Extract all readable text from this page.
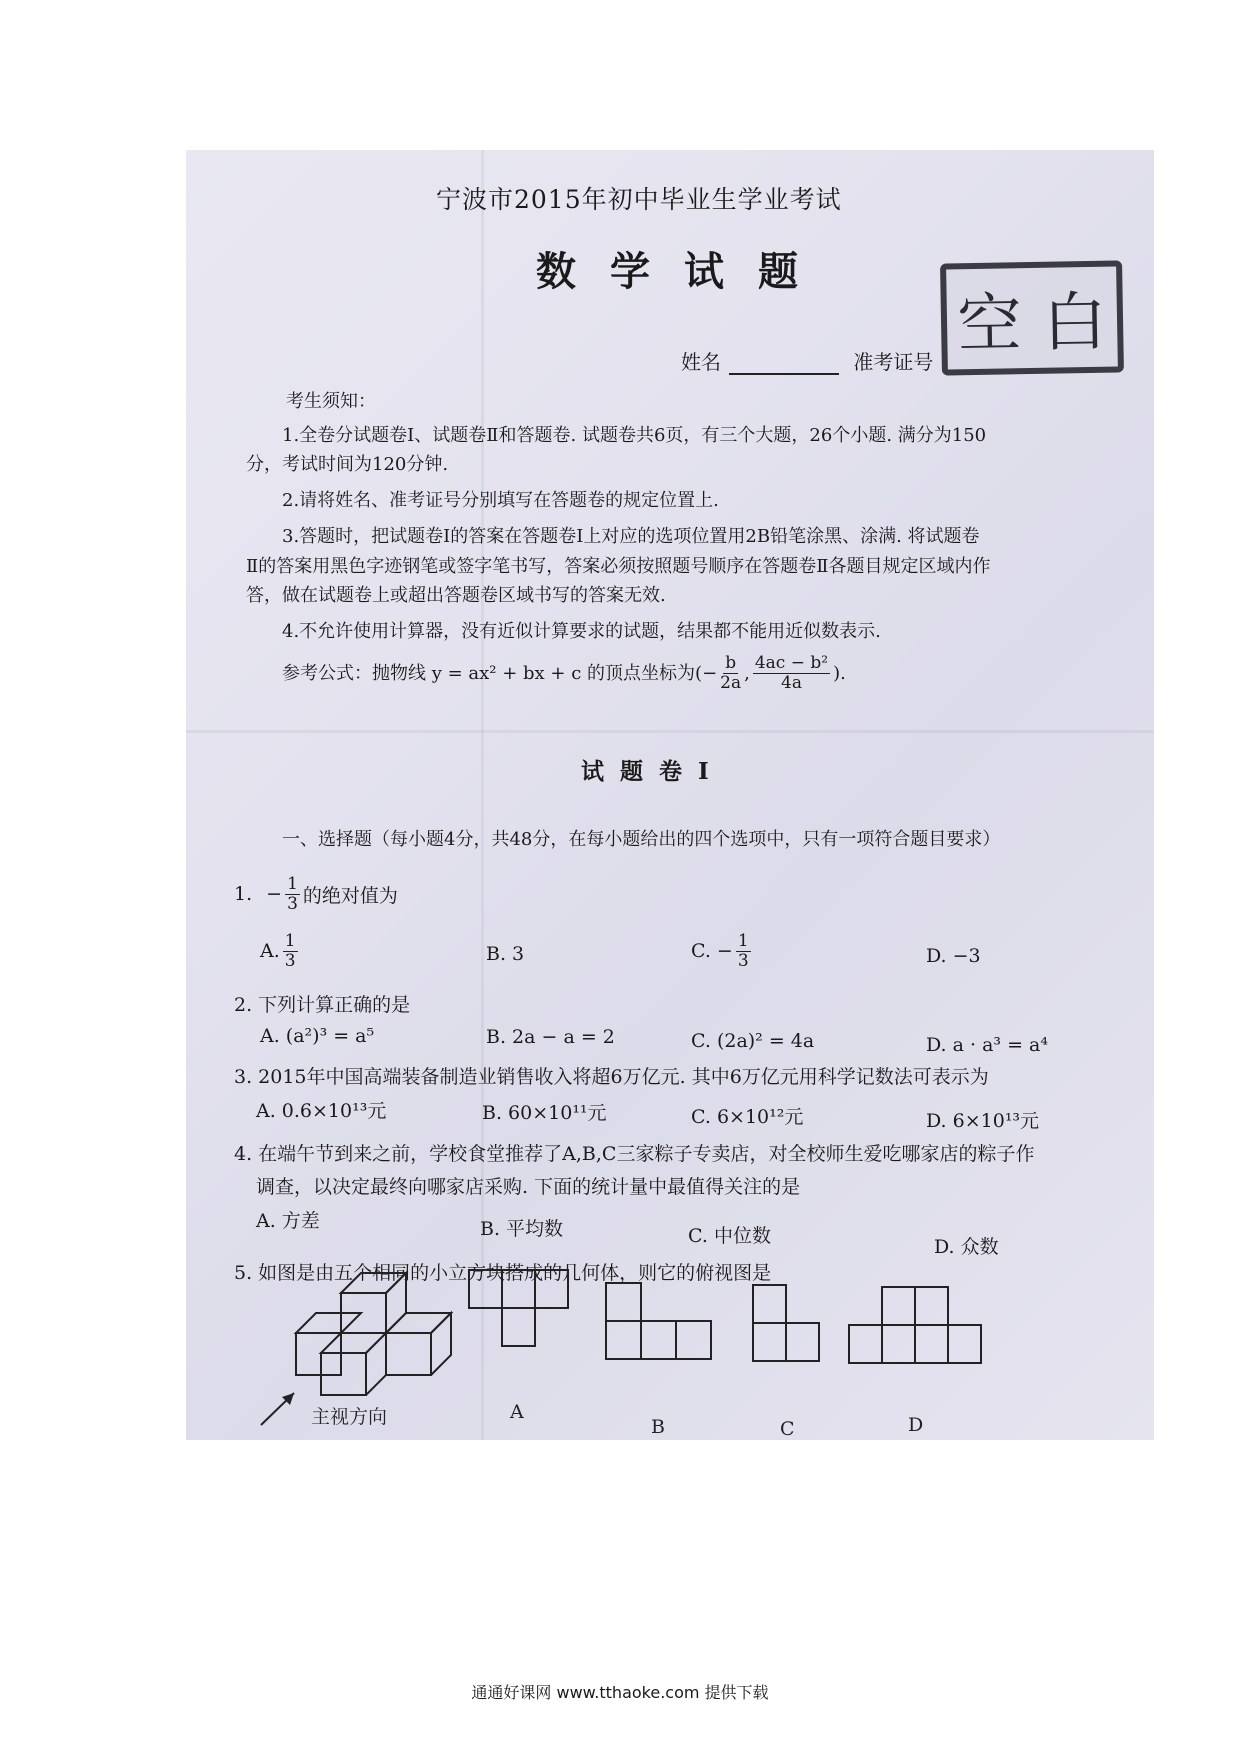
宁波市2015年初中毕业生学业考试
数学试题
姓名	准考证号 空 白
考生须知：
1.全卷分试题卷Ⅰ、试题卷Ⅱ和答题卷. 试题卷共6页，有三个大题，26个小题. 满分为150
分，考试时间为120分钟.
2.请将姓名、准考证号分别填写在答题卷的规定位置上.
3.答题时，把试题卷Ⅰ的答案在答题卷Ⅰ上对应的选项位置用2B铅笔涂黑、涂满. 将试题卷
Ⅱ的答案用黑色字迹钢笔或签字笔书写，答案必须按照题号顺序在答题卷Ⅱ各题目规定区域内作
答，做在试题卷上或超出答题卷区域书写的答案无效.
4.不允许使用计算器，没有近似计算要求的试题，结果都不能用近似数表示.
参考公式：抛物线 y = ax² + bx + c 的顶点坐标为( − $\frac{b}{2a}$ , $\frac{\text{4ac − b²}}{4a}$ ).
试 题 卷 Ⅰ
一、选择题（每小题4分，共48分，在每小题给出的四个选项中，只有一项符合题目要求）
1. − $\frac{1}{3}$ 的绝对值为
A. $\frac{1}{3}$	B. 3	C. − $\frac{1}{3}$	D. −3
2. 下列计算正确的是
A. (a²)³ = a⁵	B. 2a − a = 2	C. (2a)² = 4a	D. a · a³ = a⁴
3. 2015年中国高端装备制造业销售收入将超6万亿元. 其中6万亿元用科学记数法可表示为
A. 0.6×10¹³元	B. 60×10¹¹元	C. 6×10¹²元	D. 6×10¹³元
4. 在端午节到来之前，学校食堂推荐了A,B,C三家粽子专卖店，对全校师生爱吃哪家店的粽子作
调查，以决定最终向哪家店采购. 下面的统计量中最值得关注的是
A. 方差	B. 平均数	C. 中位数	D. 众数
5. 如图是由五个相同的小立方块搭成的几何体，则它的俯视图是
主视方向	A
B	C	D
通通好课网 www.tthaoke.com 提供下载
